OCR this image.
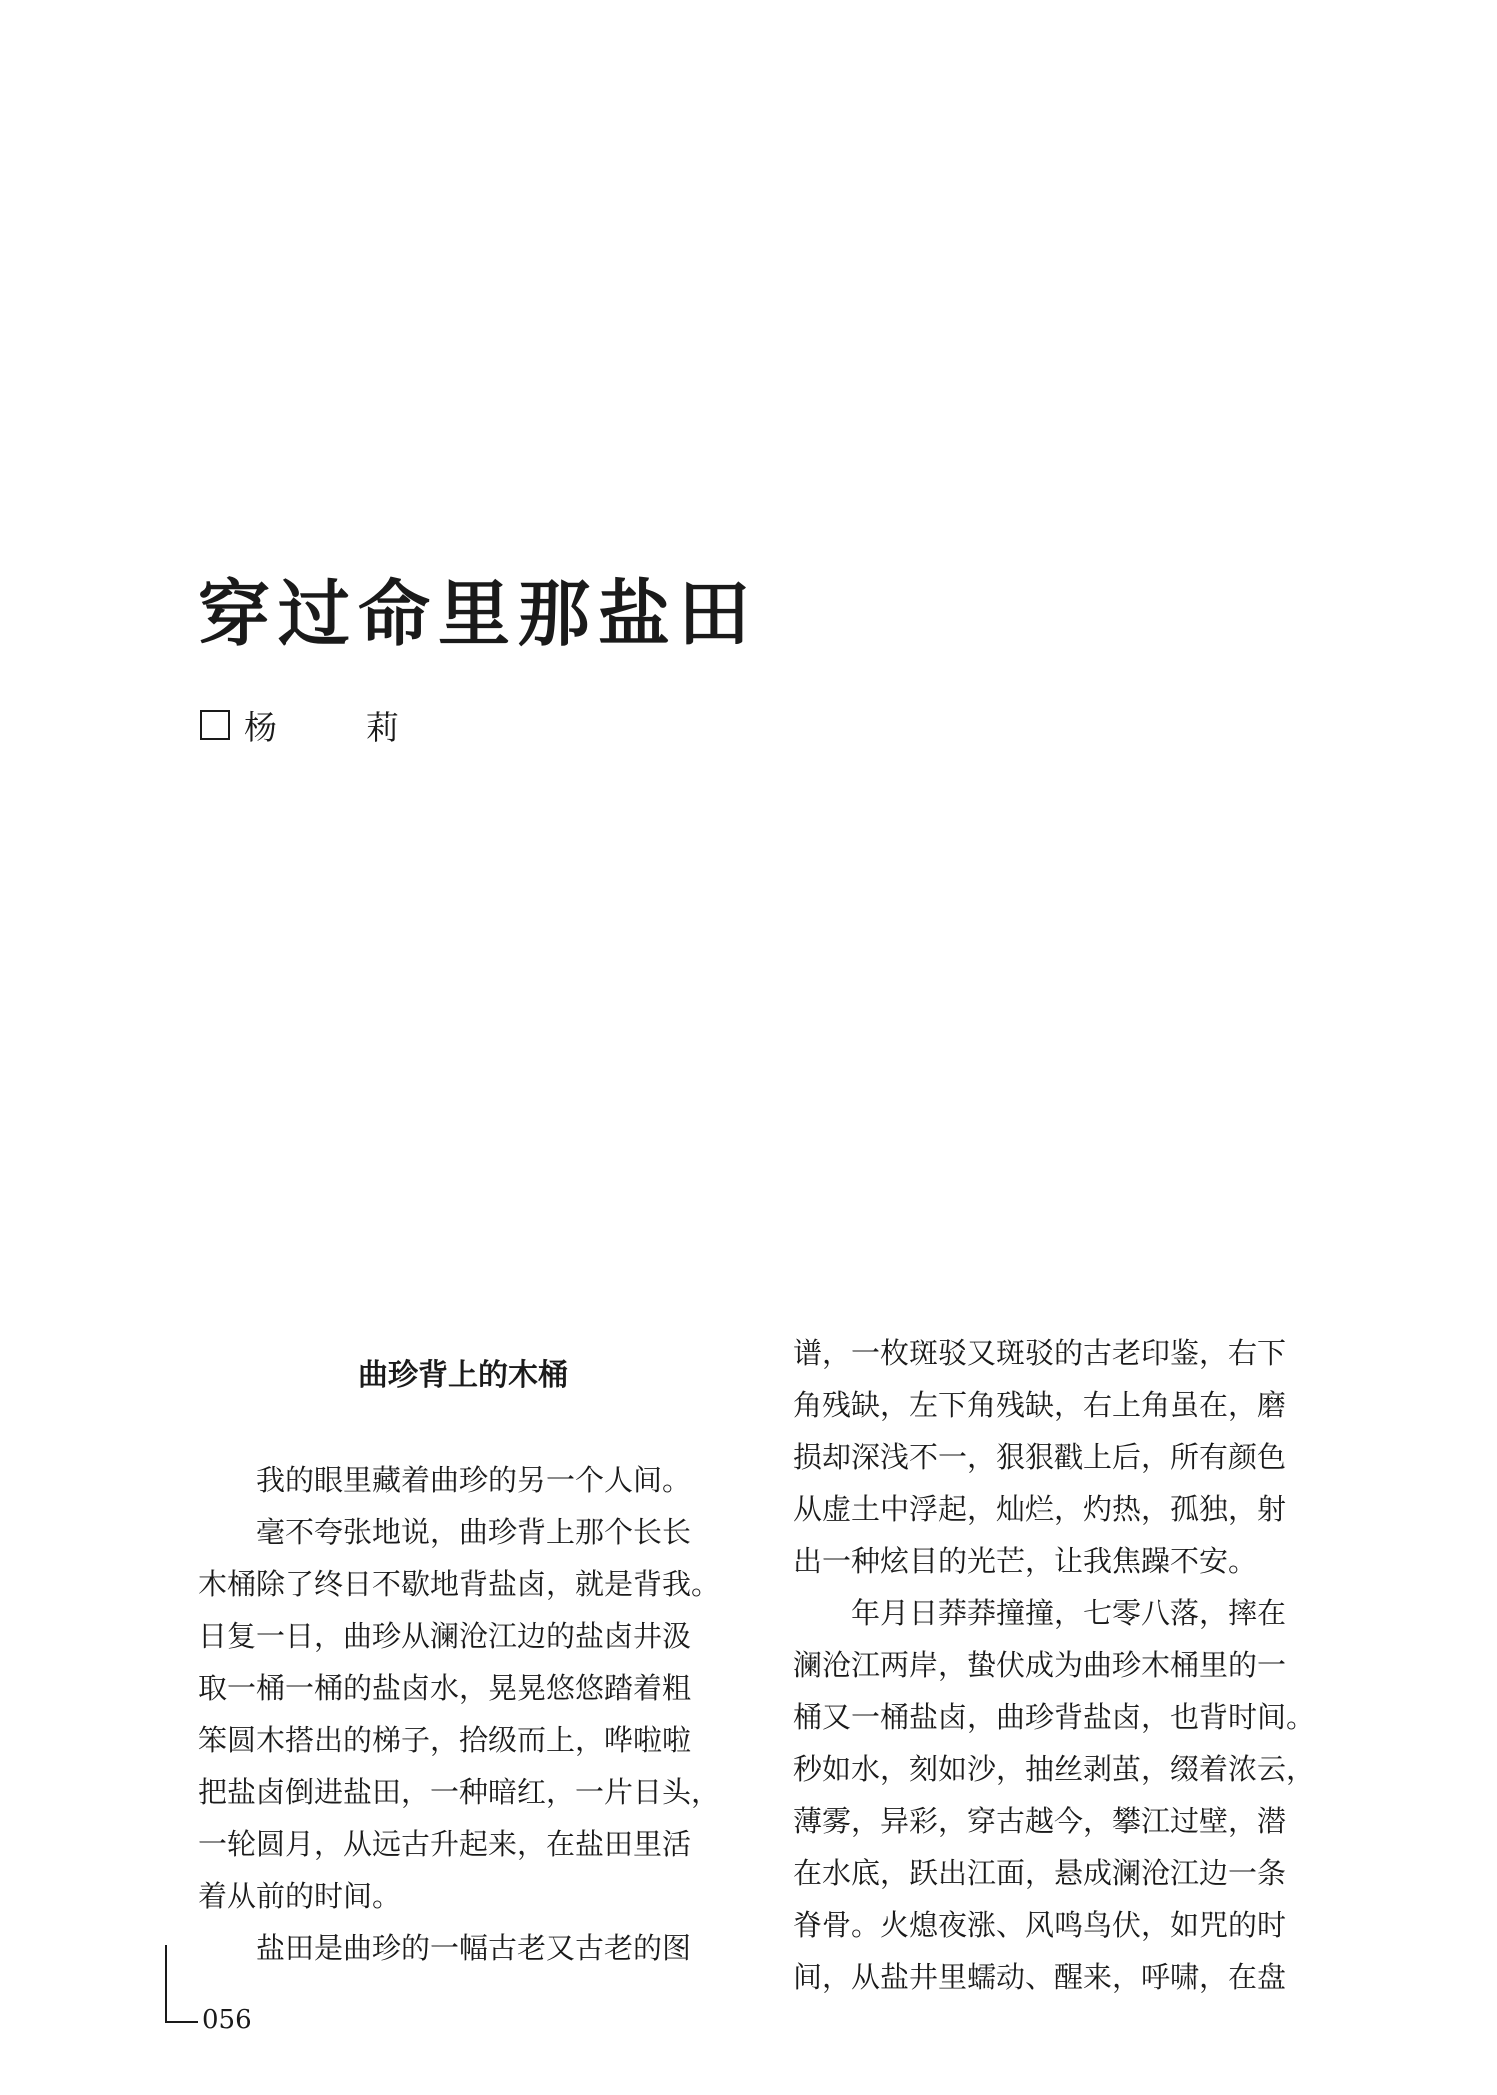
穿过命里那盐田
杨　莉
曲珍背上的木桶

我的眼里藏着曲珍的另一个人间。

毫不夸张地说，曲珍背上那个长长
木桶除了终日不歇地背盐卤，就是背我。
日复一日，曲珍从澜沧江边的盐卤井汲
取一桶一桶的盐卤水，晃晃悠悠踏着粗
笨圆木搭出的梯子，拾级而上，哗啦啦
把盐卤倒进盐田，一种暗红，一片日头，
一轮圆月，从远古升起来，在盐田里活
着从前的时间。

盐田是曲珍的一幅古老又古老的图

谱，一枚斑驳又斑驳的古老印鉴，右下
角残缺，左下角残缺，右上角虽在，磨
损却深浅不一，狠狠戳上后，所有颜色
从虚土中浮起，灿烂，灼热，孤独，射
出一种炫目的光芒，让我焦躁不安。

年月日莽莽撞撞，七零八落，摔在
澜沧江两岸，蛰伏成为曲珍木桶里的一
桶又一桶盐卤，曲珍背盐卤，也背时间。
秒如水，刻如沙，抽丝剥茧，缀着浓云，
薄雾，异彩，穿古越今，攀江过壁，潜
在水底，跃出江面，悬成澜沧江边一条
脊骨。火熄夜涨、风鸣鸟伏，如咒的时
间，从盐井里蠕动、醒来，呼啸，在盘

056
